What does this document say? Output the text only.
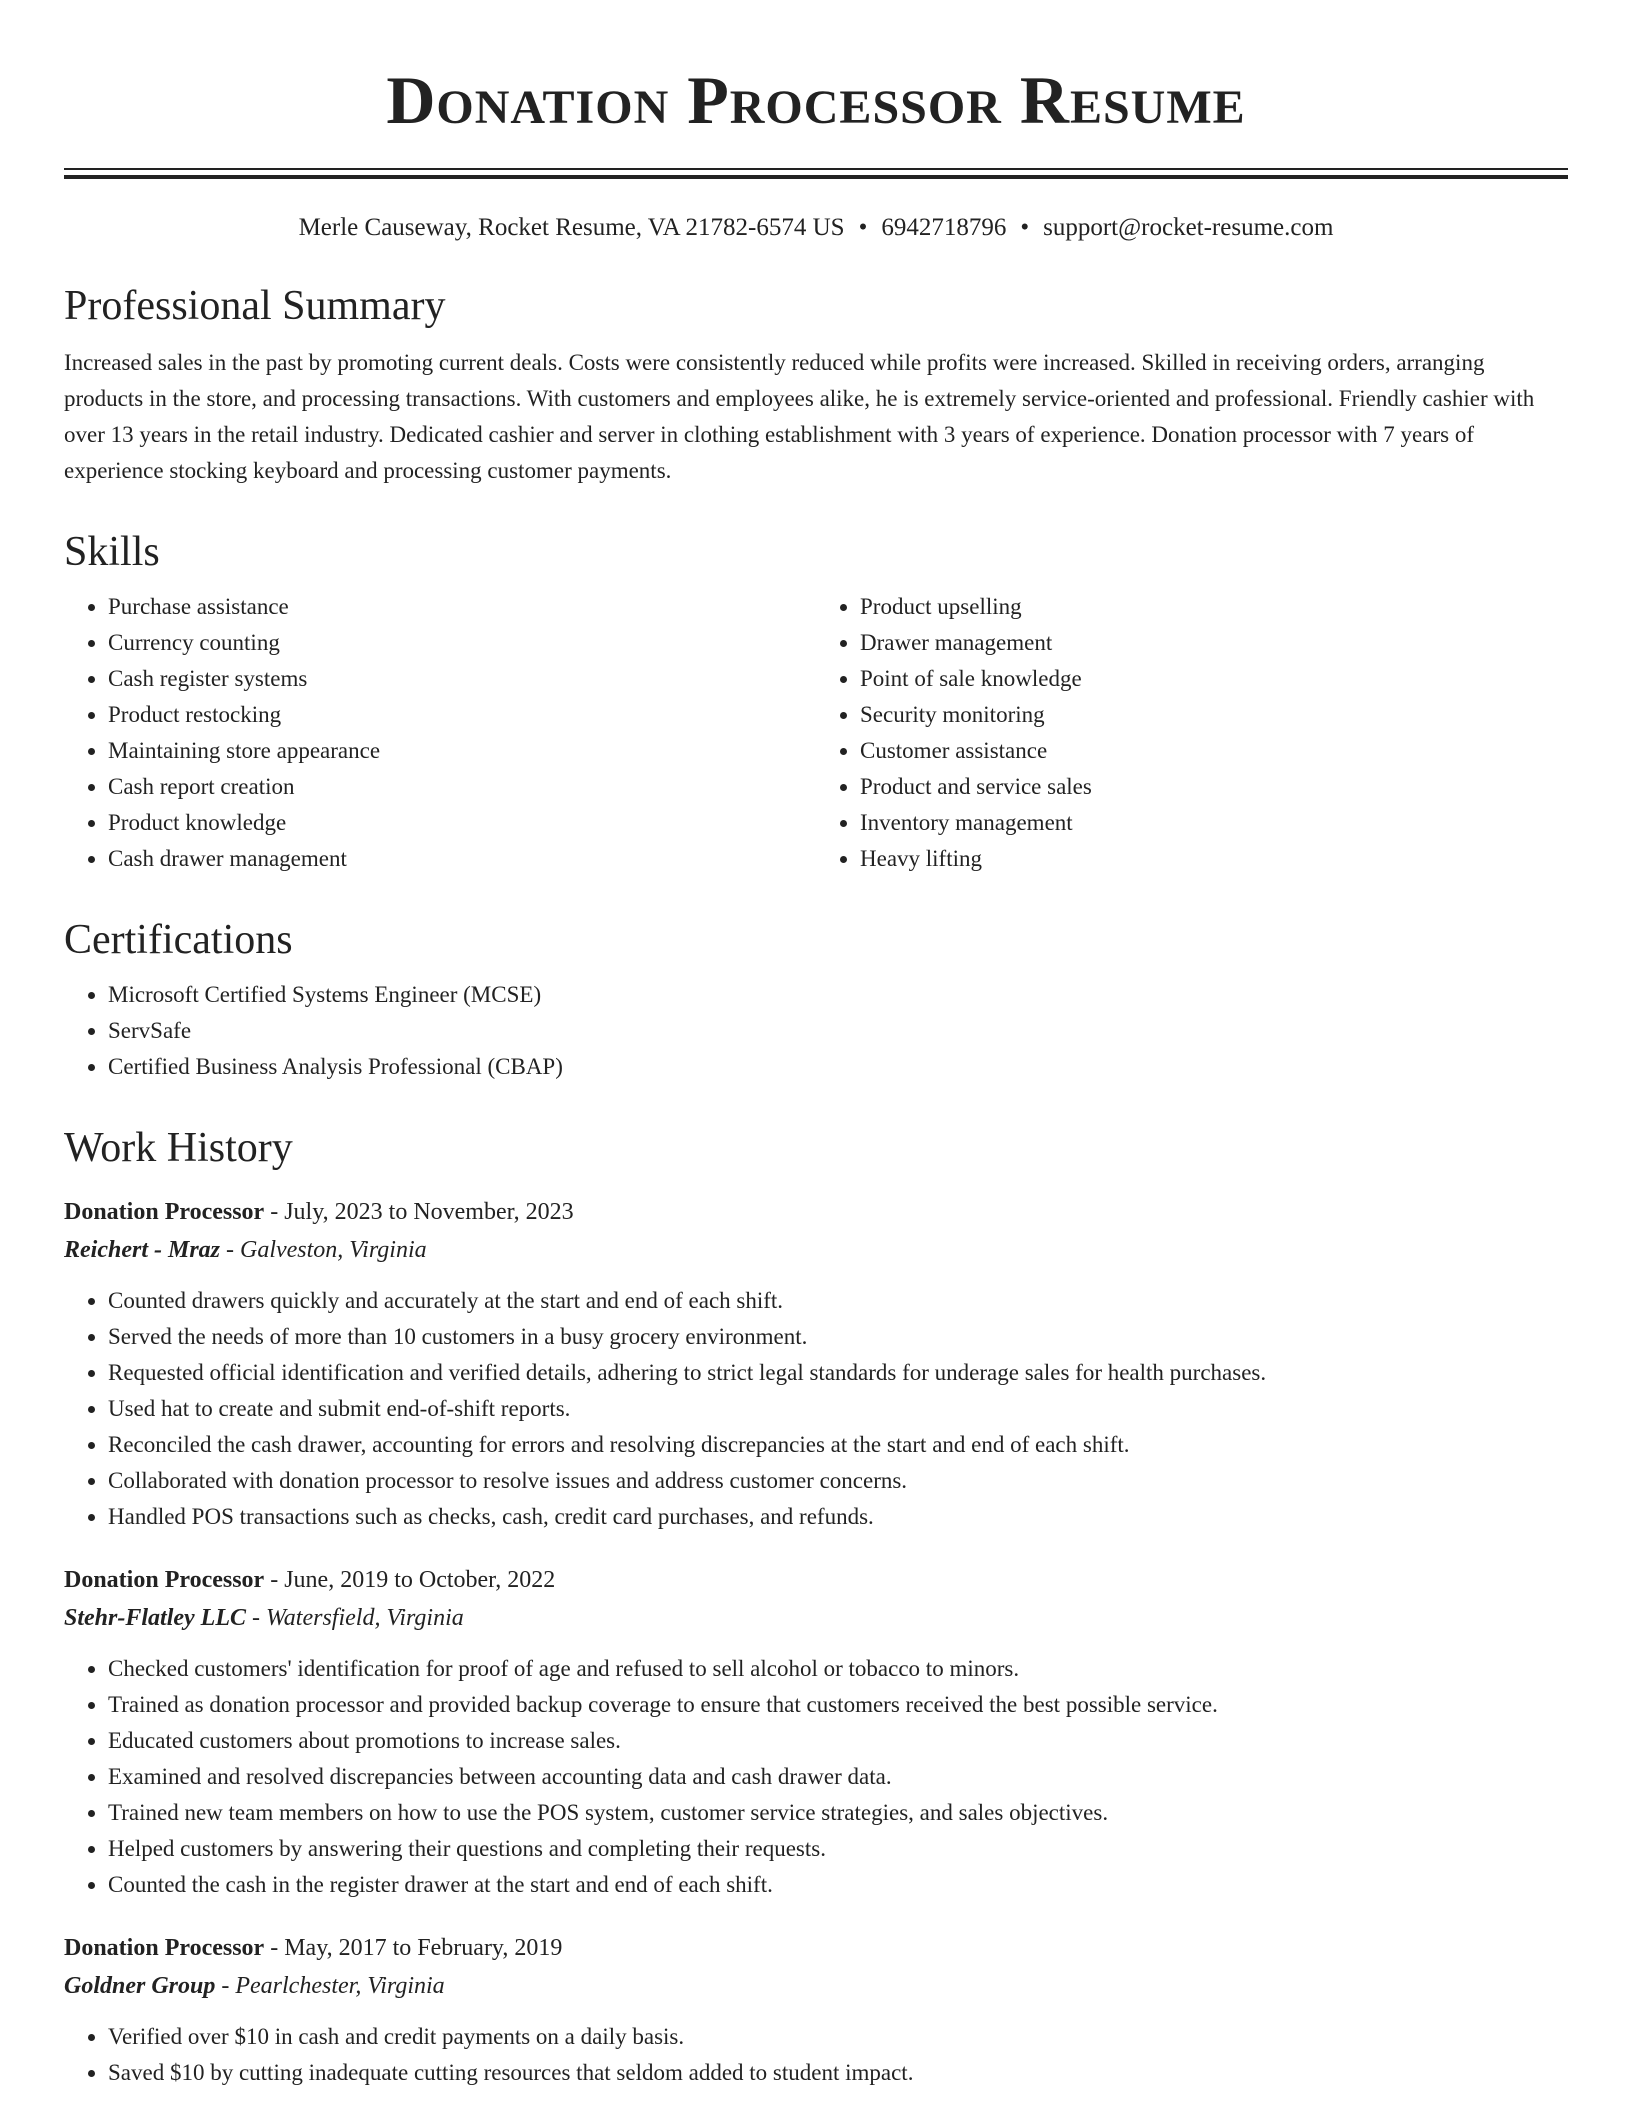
Donation Processor Resume
Merle Causeway, Rocket Resume, VA 21782-6574 US • 6942718796 • support@rocket-resume.com
Professional Summary

Increased sales in the past by promoting current deals. Costs were consistently reduced while profits were increased. Skilled in receiving orders, arranging products in the store, and processing transactions. With customers and employees alike, he is extremely service-oriented and professional. Friendly cashier with over 13 years in the retail industry. Dedicated cashier and server in clothing establishment with 3 years of experience. Donation processor with 7 years of experience stocking keyboard and processing customer payments.

Skills
• Purchase assistance
• Currency counting
• Cash register systems
• Product restocking
• Maintaining store appearance
• Cash report creation
• Product knowledge
• Cash drawer management
• Product upselling
• Drawer management
• Point of sale knowledge
• Security monitoring
• Customer assistance
• Product and service sales
• Inventory management
• Heavy lifting
Certifications
• Microsoft Certified Systems Engineer (MCSE)
• ServSafe
• Certified Business Analysis Professional (CBAP)
Work History
Donation Processor - July, 2023 to November, 2023
Reichert - Mraz - Galveston, Virginia
• Counted drawers quickly and accurately at the start and end of each shift.
• Served the needs of more than 10 customers in a busy grocery environment.
• Requested official identification and verified details, adhering to strict legal standards for underage sales for health purchases.
• Used hat to create and submit end-of-shift reports.
• Reconciled the cash drawer, accounting for errors and resolving discrepancies at the start and end of each shift.
• Collaborated with donation processor to resolve issues and address customer concerns.
• Handled POS transactions such as checks, cash, credit card purchases, and refunds.
Donation Processor - June, 2019 to October, 2022
Stehr-Flatley LLC - Watersfield, Virginia
• Checked customers' identification for proof of age and refused to sell alcohol or tobacco to minors.
• Trained as donation processor and provided backup coverage to ensure that customers received the best possible service.
• Educated customers about promotions to increase sales.
• Examined and resolved discrepancies between accounting data and cash drawer data.
• Trained new team members on how to use the POS system, customer service strategies, and sales objectives.
• Helped customers by answering their questions and completing their requests.
• Counted the cash in the register drawer at the start and end of each shift.
Donation Processor - May, 2017 to February, 2019
Goldner Group - Pearlchester, Virginia
• Verified over $10 in cash and credit payments on a daily basis.
• Saved $10 by cutting inadequate cutting resources that seldom added to student impact.
